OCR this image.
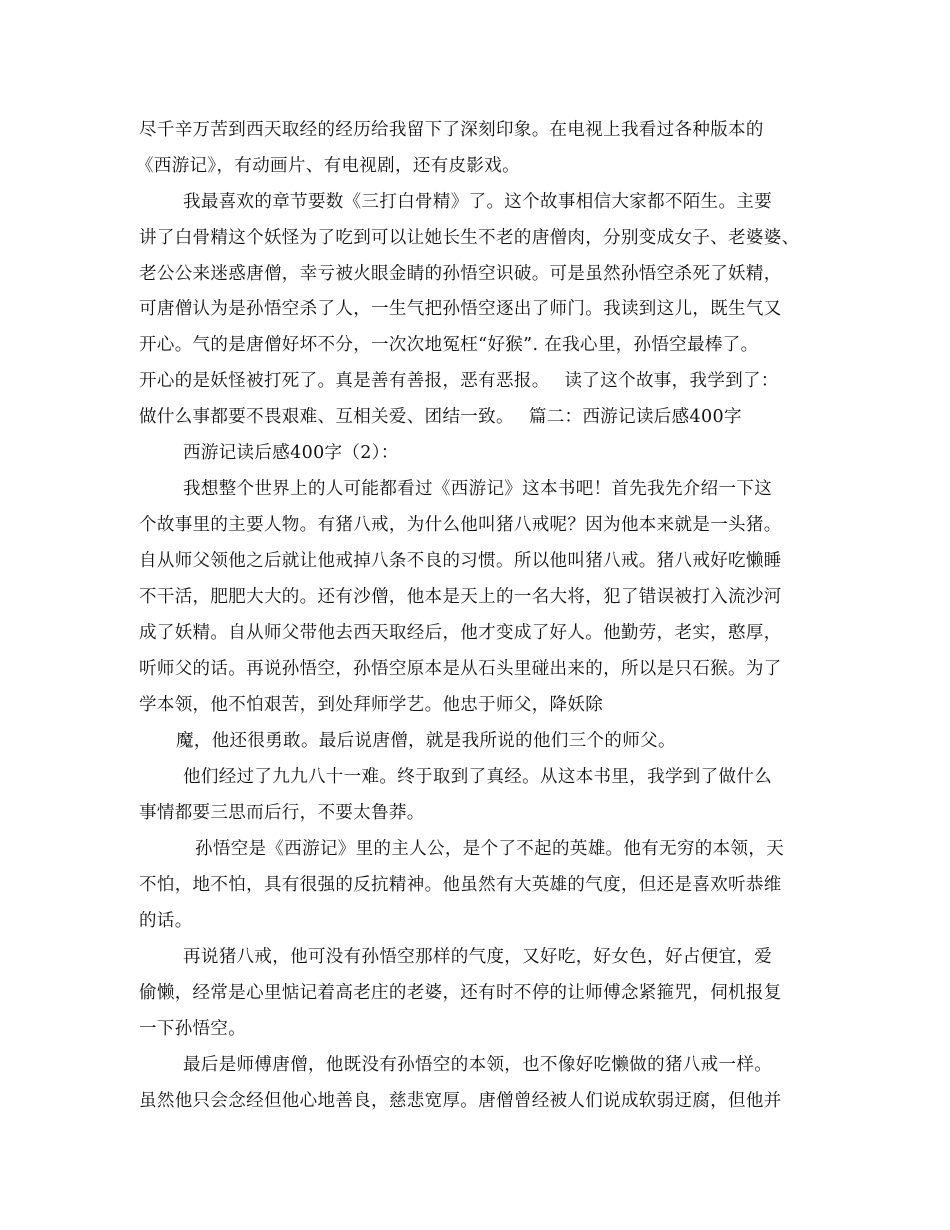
尽千辛万苦到西天取经的经历给我留下了深刻印象。在电视上我看过各种版本的
《西游记》，有动画片、有电视剧，还有皮影戏。
我最喜欢的章节要数《三打白骨精》了。这个故事相信大家都不陌生。主要
讲了白骨精这个妖怪为了吃到可以让她长生不老的唐僧肉，分别变成女子、老婆婆、
老公公来迷惑唐僧，幸亏被火眼金睛的孙悟空识破。可是虽然孙悟空杀死了妖精，
可唐僧认为是孙悟空杀了人，一生气把孙悟空逐出了师门。我读到这儿，既生气又
开心。气的是唐僧好坏不分，一次次地冤枉“好猴”. 在我心里，孙悟空最棒了。
开心的是妖怪被打死了。真是善有善报，恶有恶报。　 读了这个故事，我学到了：
做什么事都要不畏艰难、互相关爱、团结一致。　 篇二：西游记读后感400字
西游记读后感400字（2）：
我想整个世界上的人可能都看过《西游记》这本书吧！首先我先介绍一下这
个故事里的主要人物。有猪八戒，为什么他叫猪八戒呢？因为他本来就是一头猪。
自从师父领他之后就让他戒掉八条不良的习惯。所以他叫猪八戒。猪八戒好吃懒睡
不干活，肥肥大大的。还有沙僧，他本是天上的一名大将，犯了错误被打入流沙河
成了妖精。自从师父带他去西天取经后，他才变成了好人。他勤劳，老实，憨厚，
听师父的话。再说孙悟空，孙悟空原本是从石头里碰出来的，所以是只石猴。为了
学本领，他不怕艰苦，到处拜师学艺。他忠于师父，降妖除
魔，他还很勇敢。最后说唐僧，就是我所说的他们三个的师父。
他们经过了九九八十一难。终于取到了真经。从这本书里，我学到了做什么
事情都要三思而后行，不要太鲁莽。
孙悟空是《西游记》里的主人公，是个了不起的英雄。他有无穷的本领，天
不怕，地不怕，具有很强的反抗精神。他虽然有大英雄的气度，但还是喜欢听恭维
的话。
再说猪八戒，他可没有孙悟空那样的气度，又好吃，好女色，好占便宜，爱
偷懒，经常是心里惦记着高老庄的老婆，还有时不停的让师傅念紧箍咒，伺机报复
一下孙悟空。
最后是师傅唐僧，他既没有孙悟空的本领，也不像好吃懒做的猪八戒一样。
虽然他只会念经但他心地善良，慈悲宽厚。唐僧曾经被人们说成软弱迂腐，但他并
